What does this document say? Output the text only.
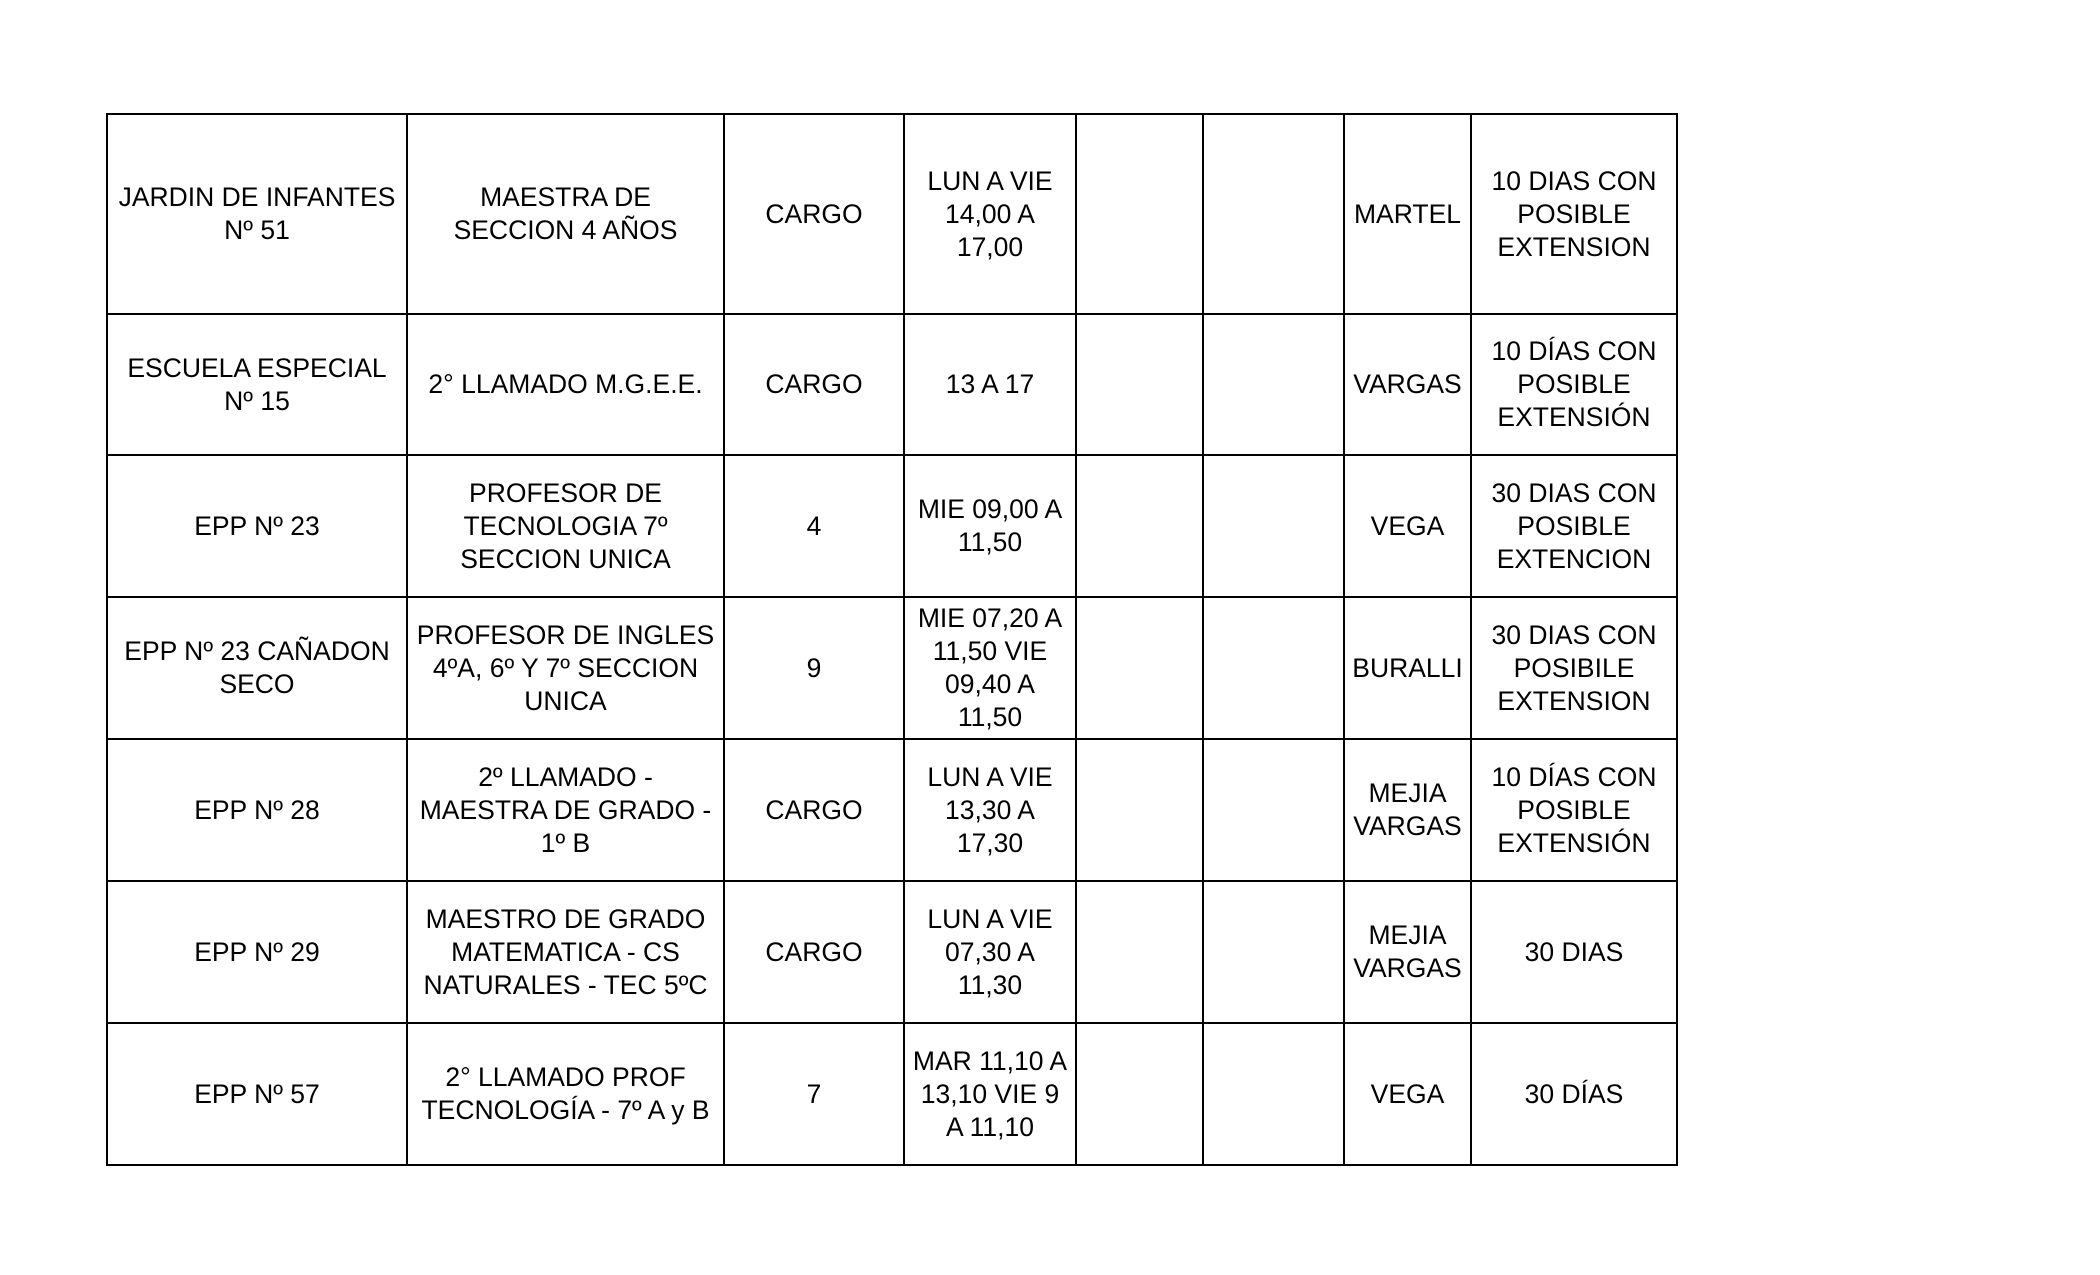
JARDIN DE INFANTES
Nº 51	MAESTRA DE
SECCION 4 AÑOS	CARGO	LUN A VIE
14,00 A
17,00			MARTEL	10 DIAS CON
POSIBLE
EXTENSION
ESCUELA ESPECIAL
Nº 15	2° LLAMADO M.G.E.E.	CARGO	13 A 17			VARGAS	10 DÍAS CON
POSIBLE
EXTENSIÓN
EPP Nº 23	PROFESOR DE
TECNOLOGIA 7º
SECCION UNICA	4	MIE 09,00 A
11,50			VEGA	30 DIAS CON
POSIBLE
EXTENCION
EPP Nº 23 CAÑADON
SECO	PROFESOR DE INGLES
4ºA, 6º Y 7º SECCION
UNICA	9	MIE 07,20 A
11,50 VIE
09,40 A
11,50			BURALLI	30 DIAS CON
POSIBILE
EXTENSION
EPP Nº 28	2º LLAMADO -
MAESTRA DE GRADO -
1º B	CARGO	LUN A VIE
13,30 A
17,30			MEJIA
VARGAS	10 DÍAS CON
POSIBLE
EXTENSIÓN
EPP Nº 29	MAESTRO DE GRADO
MATEMATICA - CS
NATURALES - TEC 5ºC	CARGO	LUN A VIE
07,30 A
11,30			MEJIA
VARGAS	30 DIAS
EPP Nº 57	2° LLAMADO PROF
TECNOLOGÍA - 7º A y B	7	MAR 11,10 A
13,10 VIE 9
A 11,10			VEGA	30 DÍAS
